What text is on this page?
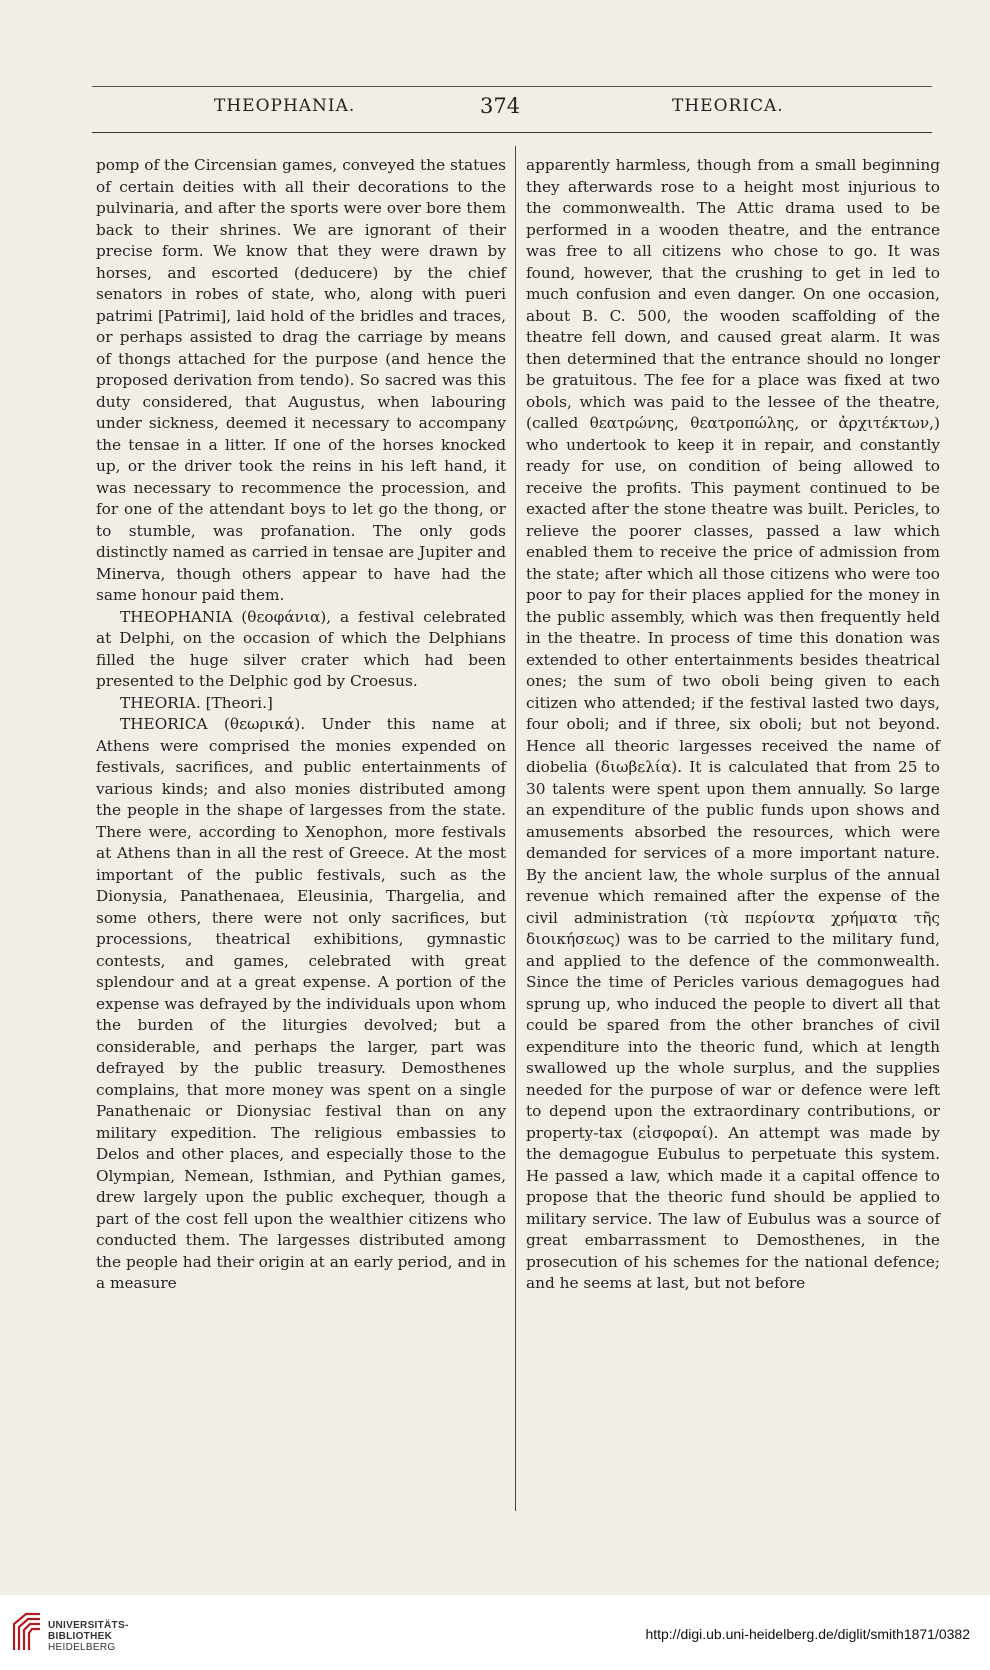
THEOPHANIA.	374	THEORICA.

pomp of the Circensian games, conveyed the statues of certain deities with all their decorations to the pulvinaria, and after the sports were over bore them back to their shrines. We are ignorant of their precise form. We know that they were drawn by horses, and escorted (deducere) by the chief senators in robes of state, who, along with pueri patrimi [Patrimi], laid hold of the bridles and traces, or perhaps assisted to drag the carriage by means of thongs attached for the purpose (and hence the proposed derivation from tendo). So sacred was this duty considered, that Augustus, when labouring under sickness, deemed it necessary to accompany the tensae in a litter. If one of the horses knocked up, or the driver took the reins in his left hand, it was necessary to recommence the procession, and for one of the attendant boys to let go the thong, or to stumble, was profanation. The only gods distinctly named as carried in tensae are Jupiter and Minerva, though others appear to have had the same honour paid them.

THEOPHANIA (θεοφάνια), a festival celebrated at Delphi, on the occasion of which the Delphians filled the huge silver crater which had been presented to the Delphic god by Croesus.

THEORIA. [Theori.]

THEORICA (θεωρικά). Under this name at Athens were comprised the monies expended on festivals, sacrifices, and public entertainments of various kinds; and also monies distributed among the people in the shape of largesses from the state. There were, according to Xenophon, more festivals at Athens than in all the rest of Greece. At the most important of the public festivals, such as the Dionysia, Panathenaea, Eleusinia, Thargelia, and some others, there were not only sacrifices, but processions, theatrical exhibitions, gymnastic contests, and games, celebrated with great splendour and at a great expense. A portion of the expense was defrayed by the individuals upon whom the burden of the liturgies devolved; but a considerable, and perhaps the larger, part was defrayed by the public treasury. Demosthenes complains, that more money was spent on a single Panathenaic or Dionysiac festival than on any military expedition. The religious embassies to Delos and other places, and especially those to the Olympian, Nemean, Isthmian, and Pythian games, drew largely upon the public exchequer, though a part of the cost fell upon the wealthier citizens who conducted them. The largesses distributed among the people had their origin at an early period, and in a measure

apparently harmless, though from a small beginning they afterwards rose to a height most injurious to the commonwealth. The Attic drama used to be performed in a wooden theatre, and the entrance was free to all citizens who chose to go. It was found, however, that the crushing to get in led to much confusion and even danger. On one occasion, about B. C. 500, the wooden scaffolding of the theatre fell down, and caused great alarm. It was then determined that the entrance should no longer be gratuitous. The fee for a place was fixed at two obols, which was paid to the lessee of the theatre, (called θεατρώνης, θεατροπώλης, or ἀρχιτέκτων,) who undertook to keep it in repair, and constantly ready for use, on condition of being allowed to receive the profits. This payment continued to be exacted after the stone theatre was built. Pericles, to relieve the poorer classes, passed a law which enabled them to receive the price of admission from the state; after which all those citizens who were too poor to pay for their places applied for the money in the public assembly, which was then frequently held in the theatre. In process of time this donation was extended to other entertainments besides theatrical ones; the sum of two oboli being given to each citizen who attended; if the festival lasted two days, four oboli; and if three, six oboli; but not beyond. Hence all theoric largesses received the name of diobelia (διωβελία). It is calculated that from 25 to 30 talents were spent upon them annually. So large an expenditure of the public funds upon shows and amusements absorbed the resources, which were demanded for services of a more important nature. By the ancient law, the whole surplus of the annual revenue which remained after the expense of the civil administration (τὰ περίοντα χρήματα τῆς διοικήσεως) was to be carried to the military fund, and applied to the defence of the commonwealth. Since the time of Pericles various demagogues had sprung up, who induced the people to divert all that could be spared from the other branches of civil expenditure into the theoric fund, which at length swallowed up the whole surplus, and the supplies needed for the purpose of war or defence were left to depend upon the extraordinary contributions, or property-tax (εἰσφοραί). An attempt was made by the demagogue Eubulus to perpetuate this system. He passed a law, which made it a capital offence to propose that the theoric fund should be applied to military service. The law of Eubulus was a source of great embarrassment to Demosthenes, in the prosecution of his schemes for the national defence; and he seems at last, but not before

UNIVERSITÄTS-
BIBLIOTHEK
HEIDELBERG
http://digi.ub.uni-heidelberg.de/diglit/smith1871/0382
